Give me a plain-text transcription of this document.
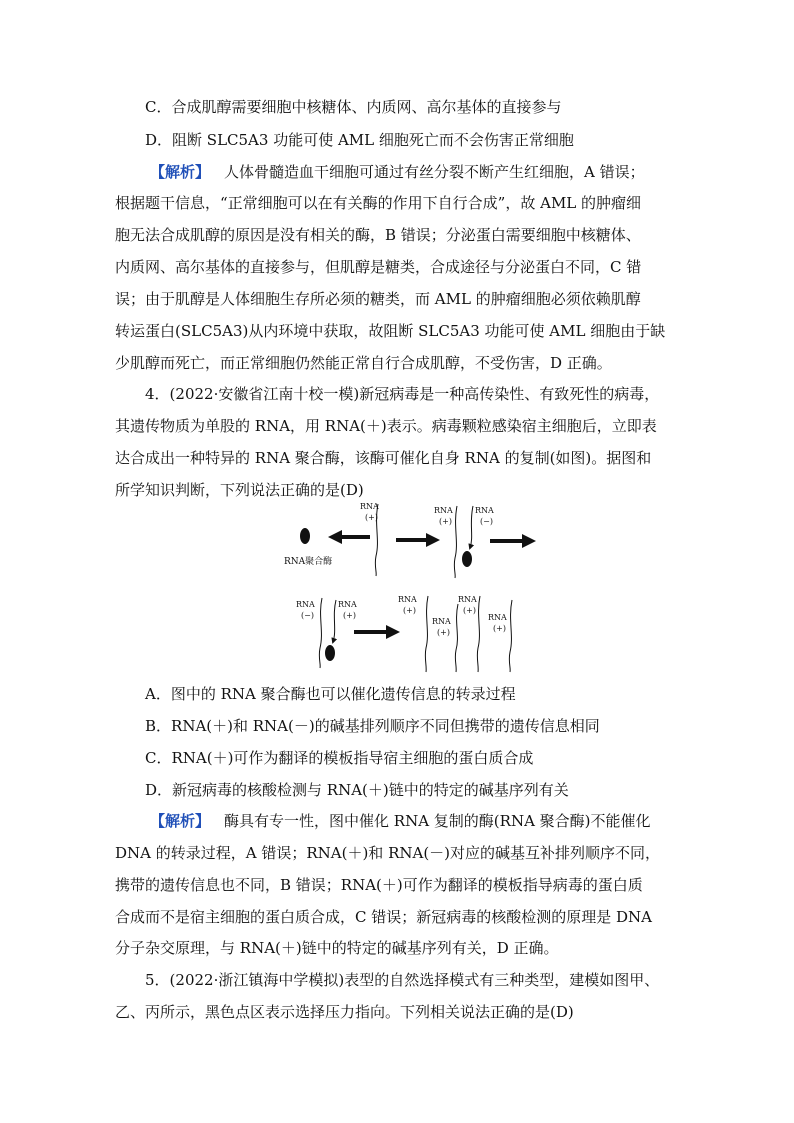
C．合成肌醇需要细胞中核糖体、内质网、高尔基体的直接参与
D．阻断 SLC5A3 功能可使 AML 细胞死亡而不会伤害正常细胞
【解析】 人体骨髓造血干细胞可通过有丝分裂不断产生红细胞，A 错误；
根据题干信息，“正常细胞可以在有关酶的作用下自行合成”，故 AML 的肿瘤细
胞无法合成肌醇的原因是没有相关的酶，B 错误；分泌蛋白需要细胞中核糖体、
内质网、高尔基体的直接参与，但肌醇是糖类，合成途径与分泌蛋白不同，C 错
误；由于肌醇是人体细胞生存所必须的糖类，而 AML 的肿瘤细胞必须依赖肌醇
转运蛋白(SLC5A3)从内环境中获取，故阻断 SLC5A3 功能可使 AML 细胞由于缺
少肌醇而死亡，而正常细胞仍然能正常自行合成肌醇，不受伤害，D 正确。
4．(2022·安徽省江南十校一模)新冠病毒是一种高传染性、有致死性的病毒，
其遗传物质为单股的 RNA，用 RNA(＋)表示。病毒颗粒感染宿主细胞后，立即表
达合成出一种特异的 RNA 聚合酶，该酶可催化自身 RNA 的复制(如图)。据图和
所学知识判断，下列说法正确的是(D)
RNA聚合酶
RNA
(+)
RNA
(+)
RNA
(−)
RNA
(−)
RNA
(+)
RNA
(+)
RNA
(+)
RNA
(+)
RNA
(+)
A．图中的 RNA 聚合酶也可以催化遗传信息的转录过程
B．RNA(＋)和 RNA(－)的碱基排列顺序不同但携带的遗传信息相同
C．RNA(＋)可作为翻译的模板指导宿主细胞的蛋白质合成
D．新冠病毒的核酸检测与 RNA(＋)链中的特定的碱基序列有关
【解析】 酶具有专一性，图中催化 RNA 复制的酶(RNA 聚合酶)不能催化
DNA 的转录过程，A 错误；RNA(＋)和 RNA(－)对应的碱基互补排列顺序不同，
携带的遗传信息也不同，B 错误；RNA(＋)可作为翻译的模板指导病毒的蛋白质
合成而不是宿主细胞的蛋白质合成，C 错误；新冠病毒的核酸检测的原理是 DNA
分子杂交原理，与 RNA(＋)链中的特定的碱基序列有关，D 正确。
5．(2022·浙江镇海中学模拟)表型的自然选择模式有三种类型，建模如图甲、
乙、丙所示，黑色点区表示选择压力指向。下列相关说法正确的是(D)
